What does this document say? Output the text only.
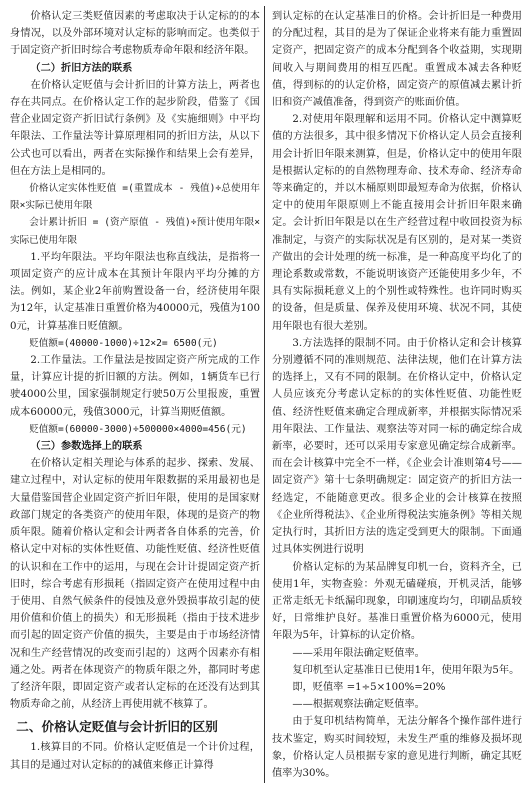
价格认定三类贬值因素的考虑取决于认定标的的本身情况，以及外部环境对认定标的影响而定。也类似于于固定资产折旧时综合考虑物质寿命年限和经济年限。

（二）折旧方法的联系

在价格认定贬值与会计折旧的计算方法上，两者也存在共同点。在价格认定工作的起步阶段，借鉴了《国营企业固定资产折旧试行条例》及《实施细则》中平均年限法、工作量法等计算原理相同的折旧方法，从以下公式也可以看出，两者在实际操作和结果上会有差异，但在方法上是相同的。

价格认定实体性贬值 =(重置成本 - 残值)÷总使用年限×实际已使用年限

会计累计折旧 = (资产原值 - 残值)÷预计使用年限×实际已使用年限

1.平均年限法。平均年限法也称直线法，是指将一项固定资产的应计成本在其预计年限内平均分摊的方法。例如，某企业2年前购置设备一台，经济使用年限为12年，认定基准日重置价格为40000元，残值为1000元，计算基准日贬值额。

贬值额=(40000-1000)÷12×2= 6500(元)

2.工作量法。工作量法是按固定资产所完成的工作量，计算应计提的折旧额的方法。例如，1辆货车已行驶4000公里，国家强制规定行驶50万公里报废，重置成本60000元，残值3000元，计算当期贬值额。

贬值额=(60000-3000)÷500000×4000=456(元)

（三）参数选择上的联系

在价格认定相关理论与体系的起步、探索、发展、建立过程中，对认定标的使用年限数据的采用最初也是大量借鉴国营企业固定资产折旧年限，使用的是国家财政部门规定的各类资产的使用年限，体现的是资产的物质年限。随着价格认定和会计两者各自体系的完善，价格认定中对标的实体性贬值、功能性贬值、经济性贬值的认识和在工作中的运用，与现在会计计提固定资产折旧时，综合考虑有形损耗（指固定资产在使用过程中由于使用、自然气候条件的侵蚀及意外毁损事故引起的使用价值和价值上的损失）和无形损耗（指由于技术进步而引起的固定资产价值的损失，主要是由于市场经济情况和生产经营情况的改变而引起的）这两个因素亦有相通之处。两者在体现资产的物质年限之外，都同时考虑了经济年限，即固定资产或者认定标的在还没有达到其物质寿命之前，从经济上再使用就不核算了。

二、价格认定贬值与会计折旧的区别

1.核算目的不同。价格认定贬值是一个计价过程，其目的是通过对认定标的的减值来修正计算得

到认定标的在认定基准日的价格。会计折旧是一种费用的分配过程，其目的是为了保证企业将来有能力重置固定资产，把固定资产的成本分配到各个收益期，实现期间收入与期间费用的相互匹配。重置成本减去各种贬值，得到标的的认定价格，固定资产的原值减去累计折旧和资产减值准备，得到资产的账面价值。

2.对使用年限理解和运用不同。价格认定中测算贬值的方法很多，其中很多情况下价格认定人员会直接利用会计折旧年限来测算，但是，价格认定中的使用年限是根据认定标的的自然物理寿命、技术寿命、经济寿命等来确定的，并以木桶原则即最短寿命为依据，价格认定中的使用年限原则上不能直接用会计折旧年限来确定。会计折旧年限是以在生产经营过程中收回投资为标准制定，与资产的实际状况是有区别的，是对某一类资产做出的会计处理的统一标准，是一种高度平均化了的理论系数或常数，不能说明该资产还能使用多少年，不具有实际损耗意义上的个别性或特殊性。也许同时购买的设备，但是质量、保养及使用环境、状况不同，其使用年限也有很大差别。

3.方法选择的限制不同。由于价格认定和会计核算分别遵循不同的准则规范、法律法规，他们在计算方法的选择上，又有不同的限制。在价格认定中，价格认定人员应该充分考虑认定标的的实体性贬值、功能性贬值、经济性贬值来确定合理成新率，并根据实际情况采用年限法、工作量法、观察法等对同一标的确定综合成新率，必要时，还可以采用专家意见确定综合成新率。而在会计核算中完全不一样，《企业会计准则第4号——固定资产》第十七条明确规定：固定资产的折旧方法一经选定，不能随意更改。很多企业的会计核算在按照《企业所得税法》、《企业所得税法实施条例》等相关规定执行时，其折旧方法的选定受到更大的限制。下面通过具体实例进行说明

价格认定标的为某品牌复印机一台，资料齐全，已使用1年，实物查验：外观无磕碰痕，开机灵活，能够正常走纸无卡纸漏印现象，印刷速度均匀，印刷品质较好，日常维护良好。基准日重置价格为6000元，使用年限为5年，计算标的认定价格。

——采用年限法确定贬值率。

复印机至认定基准日已使用1年，使用年限为5年。

即，贬值率 =1÷5×100%=20%

——根据观察法确定贬值率。

由于复印机结构简单，无法分解各个操作部件进行技术鉴定，购买时间较短，未发生严重的维修及损坏现象，价格认定人员根据专家的意见进行判断，确定其贬值率为30%。
